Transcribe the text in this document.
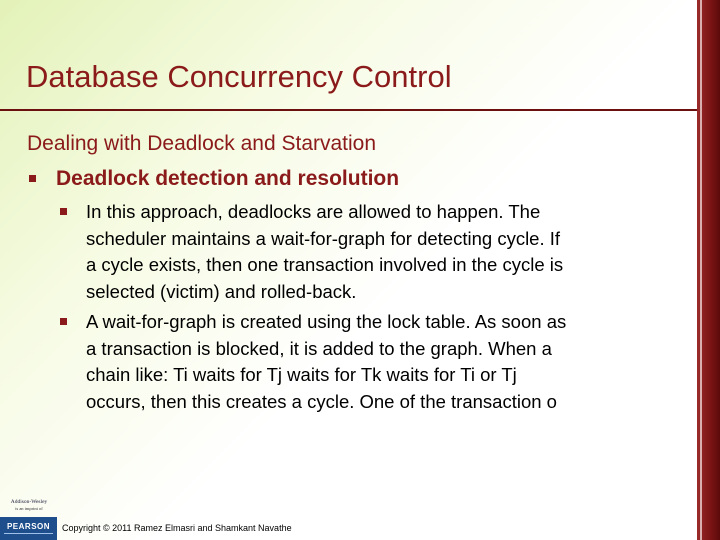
Database Concurrency Control
Dealing with Deadlock and Starvation
Deadlock detection and resolution
In this approach, deadlocks are allowed to happen. The
scheduler maintains a wait-for-graph for detecting cycle. If
a cycle exists, then one transaction involved in the cycle is
selected (victim) and rolled-back.
A wait-for-graph is created using the lock table. As soon as
a transaction is blocked, it is added to the graph. When a
chain like: Ti waits for Tj waits for Tk waits for Ti or Tj
occurs, then this creates a cycle. One of the transaction o
Addison-Wesley
is an imprint of
PEARSON	Copyright © 2011 Ramez Elmasri and Shamkant Navathe
